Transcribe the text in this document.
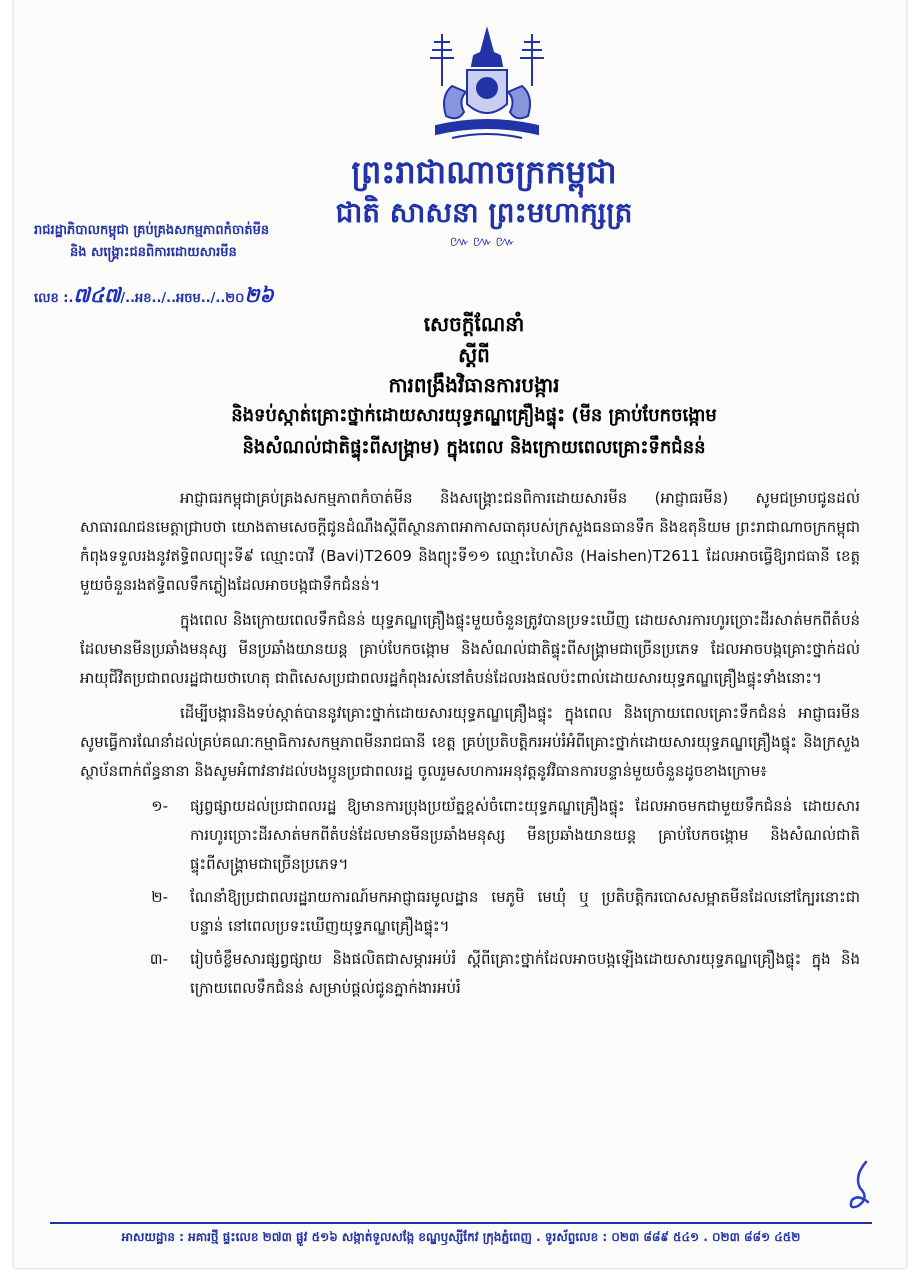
ព្រះរាជាណាចក្រកម្ពុជា
ជាតិ សាសនា ព្រះមហាក្សត្រ
៚៚៚
រាជរដ្ឋាភិបាលកម្ពុជា គ្រប់គ្រងសកម្មភាពកំចាត់មីន
និង សង្គ្រោះជនពិការដោយសារមីន
លេខ :.៧៤៧/..អខ../..អចម../..២០២៦
សេចក្តីណែនាំ
ស្តីពី
ការពង្រឹងវិធានការបង្ការ
និងទប់ស្កាត់គ្រោះថ្នាក់ដោយសារយុទ្ធភណ្ឌគ្រឿងផ្ទុះ (មីន គ្រាប់បែកចង្កោម
និងសំណល់ជាតិផ្ទុះពីសង្គ្រាម) ក្នុងពេល និងក្រោយពេលគ្រោះទឹកជំនន់

អាជ្ញាធរកម្ពុជាគ្រប់គ្រងសកម្មភាពកំចាត់មីន និងសង្គ្រោះជនពិការដោយសារមីន (អាជ្ញាធរមីន) សូមជម្រាបជូនដល់សាធារណជនមេត្តាជ្រាបថា យោងតាមសេចក្តីជូនដំណឹងស្តីពីស្ថានភាពអាកាសធាតុរបស់ក្រសួងធនធានទឹក និងឧតុនិយម ព្រះរាជាណាចក្រកម្ពុជាកំពុងទទួលរងនូវឥទ្ធិពលព្យុះទី៩ ឈ្មោះបាវី (Bavi)T2609 និងព្យុះទី១១ ឈ្មោះហៃសិន (Haishen)T2611 ដែលអាចធ្វើឱ្យរាជធានី ខេត្តមួយចំនួនរងឥទ្ធិពលទឹកភ្លៀងដែលអាចបង្កជាទឹកជំនន់។

ក្នុងពេល និងក្រោយពេលទឹកជំនន់ យុទ្ធភណ្ឌគ្រឿងផ្ទុះមួយចំនួនត្រូវបានប្រទះឃើញ ដោយសារការហូរច្រោះដីរសាត់មកពីតំបន់ដែលមានមីនប្រឆាំងមនុស្ស មីនប្រឆាំងយានយន្ត គ្រាប់បែកចង្កោម និងសំណល់ជាតិផ្ទុះពីសង្គ្រាមជាច្រើនប្រភេទ ដែលអាចបង្កគ្រោះថ្នាក់ដល់អាយុជីវិតប្រជាពលរដ្ឋជាយថាហេតុ ជាពិសេសប្រជាពលរដ្ឋកំពុងរស់នៅតំបន់ដែលរងផលប៉ះពាល់ដោយសារយុទ្ធភណ្ឌគ្រឿងផ្ទុះទាំងនោះ។

ដើម្បីបង្ការនិងទប់ស្កាត់បាននូវគ្រោះថ្នាក់ដោយសារយុទ្ធភណ្ឌគ្រឿងផ្ទុះ ក្នុងពេល និងក្រោយពេលគ្រោះទឹកជំនន់ អាជ្ញាធរមីនសូមធ្វើការណែនាំដល់គ្រប់គណៈកម្មាធិការសកម្មភាពមីនរាជធានី ខេត្ត គ្រប់ប្រតិបត្តិករអប់រំអំពីគ្រោះថ្នាក់ដោយសារយុទ្ធភណ្ឌគ្រឿងផ្ទុះ និងក្រសួង ស្ថាប័នពាក់ព័ន្ធនានា និងសូមអំពាវនាវដល់បងប្អូនប្រជាពលរដ្ឋ ចូលរួមសហការអនុវត្តនូវវិធានការបន្ទាន់មួយចំនួនដូចខាងក្រោម៖

១- ផ្សព្វផ្សាយដល់ប្រជាពលរដ្ឋ ឱ្យមានការប្រុងប្រយ័ត្នខ្ពស់ចំពោះយុទ្ធភណ្ឌគ្រឿងផ្ទុះ ដែលអាចមកជាមួយទឹកជំនន់ ដោយសារការហូរច្រោះដីរសាត់មកពីតំបន់ដែលមានមីនប្រឆាំងមនុស្ស មីនប្រឆាំងយានយន្ត គ្រាប់បែកចង្កោម និងសំណល់ជាតិផ្ទុះពីសង្គ្រាមជាច្រើនប្រភេទ។
២- ណែនាំឱ្យប្រជាពលរដ្ឋរាយការណ៍មកអាជ្ញាធរមូលដ្ឋាន មេភូមិ មេឃុំ ឬ ប្រតិបត្តិករបោសសម្អាតមីនដែលនៅក្បែរនោះជាបន្ទាន់ នៅពេលប្រទះឃើញយុទ្ធភណ្ឌគ្រឿងផ្ទុះ។
៣- រៀបចំខ្លឹមសារផ្សព្វផ្សាយ និងផលិតជាសម្ភារអប់រំ ស្តីពីគ្រោះថ្នាក់ដែលអាចបង្កឡើងដោយសារយុទ្ធភណ្ឌគ្រឿងផ្ទុះ ក្នុង និងក្រោយពេលទឹកជំនន់ សម្រាប់ផ្តល់ជូនភ្នាក់ងារអប់រំ
អាសយដ្ឋាន : អគារថ្មី ផ្ទះលេខ ២៧៣ ផ្លូវ ៥១៦ សង្កាត់ទួលសង្កែ ខណ្ឌឫស្សីកែវ ក្រុងភ្នំពេញ . ទូរស័ព្ទលេខ : ០២៣ ៨៨៩ ៥៤១ . ០២៣ ៨៨១ ៤៥២
